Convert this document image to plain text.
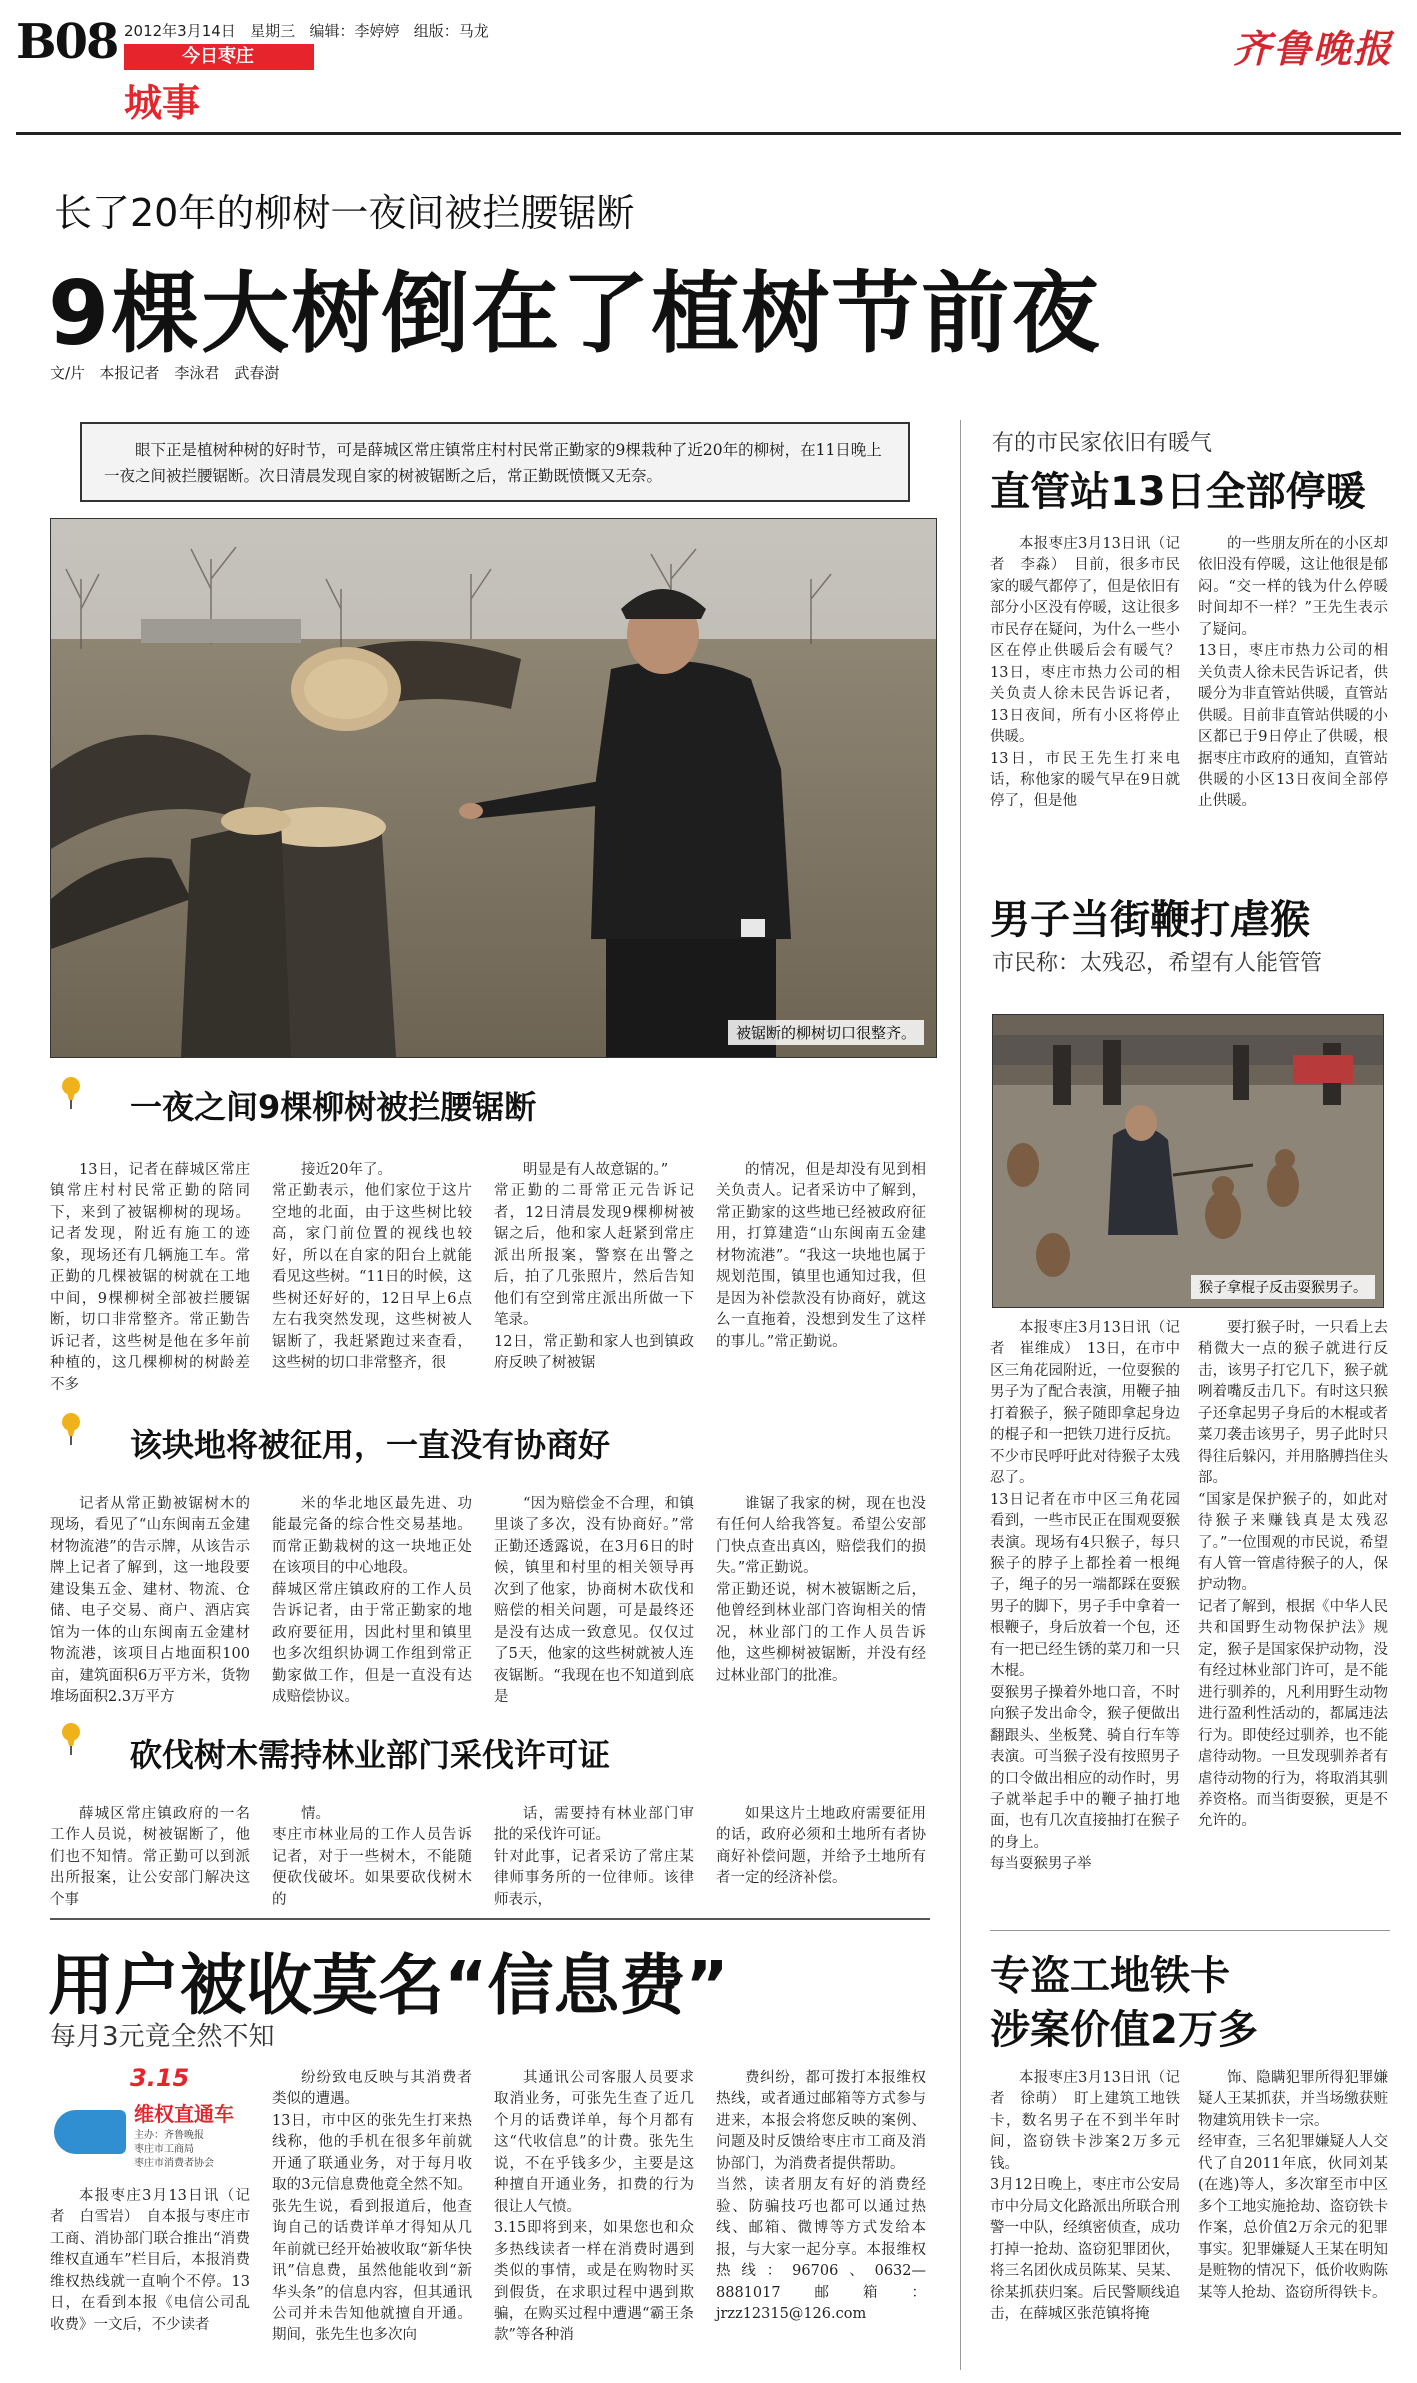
B08 2012年3月14日 星期三 编辑：李婷婷 组版：马龙
今日枣庄
城事
齐鲁晚报
长了20年的柳树一夜间被拦腰锯断
9棵大树倒在了植树节前夜
文/片 本报记者　李泳君　武春澍
眼下正是植树种树的好时节，可是薛城区常庄镇常庄村村民常正勤家的9棵栽种了近20年的柳树，在11日晚上一夜之间被拦腰锯断。次日清晨发现自家的树被锯断之后，常正勤既愤慨又无奈。
被锯断的柳树切口很整齐。
一夜之间9棵柳树被拦腰锯断

13日，记者在薛城区常庄镇常庄村村民常正勤的陪同下，来到了被锯柳树的现场。记者发现，附近有施工的迹象，现场还有几辆施工车。常正勤的几棵被锯的树就在工地中间，9棵柳树全部被拦腰锯断，切口非常整齐。常正勤告诉记者，这些树是他在多年前种植的，这几棵柳树的树龄差不多

接近20年了。
常正勤表示，他们家位于这片空地的北面，由于这些树比较高，家门前位置的视线也较好，所以在自家的阳台上就能看见这些树。“11日的时候，这些树还好好的，12日早上6点左右我突然发现，这些树被人锯断了，我赶紧跑过来查看，这些树的切口非常整齐，很

明显是有人故意锯的。”
常正勤的二哥常正元告诉记者，12日清晨发现9棵柳树被锯之后，他和家人赶紧到常庄派出所报案，警察在出警之后，拍了几张照片，然后告知他们有空到常庄派出所做一下笔录。
12日，常正勤和家人也到镇政府反映了树被锯

的情况，但是却没有见到相关负责人。记者采访中了解到，常正勤家的这些地已经被政府征用，打算建造“山东闽南五金建材物流港”。“我这一块地也属于规划范围，镇里也通知过我，但是因为补偿款没有协商好，就这么一直拖着，没想到发生了这样的事儿。”常正勤说。

该块地将被征用，一直没有协商好

记者从常正勤被锯树木的现场，看见了“山东闽南五金建材物流港”的告示牌，从该告示牌上记者了解到，这一地段要建设集五金、建材、物流、仓储、电子交易、商户、酒店宾馆为一体的山东闽南五金建材物流港，该项目占地面积100亩，建筑面积6万平方米，货物堆场面积2.3万平方

米的华北地区最先进、功能最完备的综合性交易基地。而常正勤栽树的这一块地正处在该项目的中心地段。
薛城区常庄镇政府的工作人员告诉记者，由于常正勤家的地政府要征用，因此村里和镇里也多次组织协调工作组到常正勤家做工作，但是一直没有达成赔偿协议。

“因为赔偿金不合理，和镇里谈了多次，没有协商好。”常正勤还透露说，在3月6日的时候，镇里和村里的相关领导再次到了他家，协商树木砍伐和赔偿的相关问题，可是最终还是没有达成一致意见。仅仅过了5天，他家的这些树就被人连夜锯断。“我现在也不知道到底是

谁锯了我家的树，现在也没有任何人给我答复。希望公安部门快点查出真凶，赔偿我们的损失。”常正勤说。
常正勤还说，树木被锯断之后，他曾经到林业部门咨询相关的情况，林业部门的工作人员告诉他，这些柳树被锯断，并没有经过林业部门的批准。

砍伐树木需持林业部门采伐许可证

薛城区常庄镇政府的一名工作人员说，树被锯断了，他们也不知情。常正勤可以到派出所报案，让公安部门解决这个事

情。
枣庄市林业局的工作人员告诉记者，对于一些树木，不能随便砍伐破坏。如果要砍伐树木的

话，需要持有林业部门审批的采伐许可证。
针对此事，记者采访了常庄某律师事务所的一位律师。该律师表示，

如果这片土地政府需要征用的话，政府必须和土地所有者协商好补偿问题，并给予土地所有者一定的经济补偿。

用户被收莫名“信息费”
每月3元竟全然不知
3.15
维权直通车
主办：齐鲁晚报
枣庄市工商局
枣庄市消费者协会

本报枣庄3月13日讯（记者　白雪岩）　自本报与枣庄市工商、消协部门联合推出“消费维权直通车”栏目后，本报消费维权热线就一直响个不停。13日，在看到本报《电信公司乱收费》一文后，不少读者

纷纷致电反映与其消费者类似的遭遇。
13日，市中区的张先生打来热线称，他的手机在很多年前就开通了联通业务，对于每月收取的3元信息费他竟全然不知。张先生说，看到报道后，他查询自己的话费详单才得知从几年前就已经开始被收取“新华快讯”信息费，虽然他能收到“新华头条”的信息内容，但其通讯公司并未告知他就擅自开通。期间，张先生也多次向

其通讯公司客服人员要求取消业务，可张先生查了近几个月的话费详单，每个月都有这“代收信息”的计费。张先生说，不在乎钱多少，主要是这种擅自开通业务，扣费的行为很让人气愤。
3.15即将到来，如果您也和众多热线读者一样在消费时遇到类似的事情，或是在购物时买到假货，在求职过程中遇到欺骗，在购买过程中遭遇“霸王条款”等各种消

费纠纷，都可拨打本报维权热线，或者通过邮箱等方式参与进来，本报会将您反映的案例、问题及时反馈给枣庄市工商及消协部门，为消费者提供帮助。
当然，读者朋友有好的消费经验、防骗技巧也都可以通过热线、邮箱、微博等方式发给本报，与大家一起分享。本报维权热线：96706、0632—8881017邮箱：jrzz12315@126.com

有的市民家依旧有暖气
直管站13日全部停暖

本报枣庄3月13日讯（记者　李淼）　目前，很多市民家的暖气都停了，但是依旧有部分小区没有停暖，这让很多市民存在疑问，为什么一些小区在停止供暖后会有暖气？13日，枣庄市热力公司的相关负责人徐未民告诉记者，13日夜间，所有小区将停止供暖。
13日，市民王先生打来电话，称他家的暖气早在9日就停了，但是他

的一些朋友所在的小区却依旧没有停暖，这让他很是郁闷。“交一样的钱为什么停暖时间却不一样？”王先生表示了疑问。
13日，枣庄市热力公司的相关负责人徐未民告诉记者，供暖分为非直管站供暖，直管站供暖。目前非直管站供暖的小区都已于9日停止了供暖，根据枣庄市政府的通知，直管站供暖的小区13日夜间全部停止供暖。

男子当街鞭打虐猴
市民称：太残忍，希望有人能管管
猴子拿棍子反击耍猴男子。

本报枣庄3月13日讯（记者　崔维成）　13日，在市中区三角花园附近，一位耍猴的男子为了配合表演，用鞭子抽打着猴子，猴子随即拿起身边的棍子和一把铁刀进行反抗。不少市民呼吁此对待猴子太残忍了。
13日记者在市中区三角花园看到，一些市民正在围观耍猴表演。现场有4只猴子，每只猴子的脖子上都拴着一根绳子，绳子的另一端都踩在耍猴男子的脚下，男子手中拿着一根鞭子，身后放着一个包，还有一把已经生锈的菜刀和一只木棍。
耍猴男子操着外地口音，不时向猴子发出命令，猴子便做出翻跟头、坐板凳、骑自行车等表演。可当猴子没有按照男子的口令做出相应的动作时，男子就举起手中的鞭子抽打地面，也有几次直接抽打在猴子的身上。
每当耍猴男子举

要打猴子时，一只看上去稍微大一点的猴子就进行反击，该男子打它几下，猴子就咧着嘴反击几下。有时这只猴子还拿起男子身后的木棍或者菜刀袭击该男子，男子此时只得往后躲闪，并用胳膊挡住头部。
“国家是保护猴子的，如此对待猴子来赚钱真是太残忍了。”一位围观的市民说，希望有人管一管虐待猴子的人，保护动物。
记者了解到，根据《中华人民共和国野生动物保护法》规定，猴子是国家保护动物，没有经过林业部门许可，是不能进行驯养的，凡利用野生动物进行盈利性活动的，都属违法行为。即使经过驯养，也不能虐待动物。一旦发现驯养者有虐待动物的行为，将取消其驯养资格。而当街耍猴，更是不允许的。

专盗工地铁卡
涉案价值2万多

本报枣庄3月13日讯（记者　徐萌）　盯上建筑工地铁卡，数名男子在不到半年时间，盗窃铁卡涉案2万多元钱。
3月12日晚上，枣庄市公安局市中分局文化路派出所联合刑警一中队，经缜密侦查，成功打掉一抢劫、盗窃犯罪团伙，将三名团伙成员陈某、吴某、徐某抓获归案。后民警顺线追击，在薛城区张范镇将掩

饰、隐瞒犯罪所得犯罪嫌疑人王某抓获，并当场缴获赃物建筑用铁卡一宗。
经审查，三名犯罪嫌疑人人交代了自2011年底，伙同刘某(在逃)等人，多次窜至市中区多个工地实施抢劫、盗窃铁卡作案，总价值2万余元的犯罪事实。犯罪嫌疑人王某在明知是赃物的情况下，低价收购陈某等人抢劫、盗窃所得铁卡。
